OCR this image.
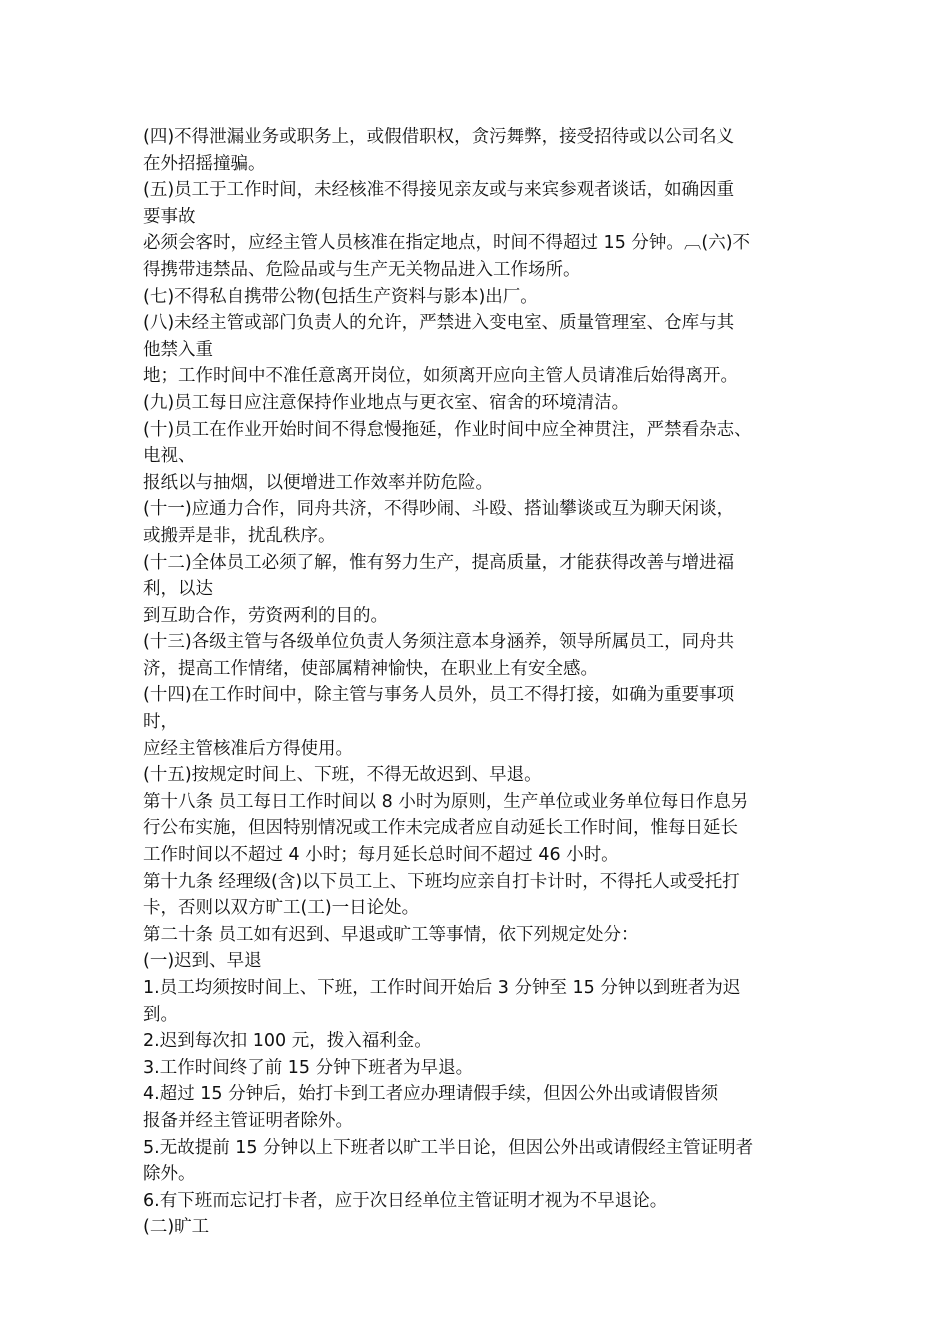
(四)不得泄漏业务或职务上，或假借职权，贪污舞弊，接受招待或以公司名义
在外招摇撞骗。
(五)员工于工作时间，未经核准不得接见亲友或与来宾参观者谈话，如确因重
要事故
必须会客时，应经主管人员核准在指定地点，时间不得超过 15 分钟。︹(六)不
得携带违禁品、危险品或与生产无关物品进入工作场所。
(七)不得私自携带公物(包括生产资料与影本)出厂。
(八)未经主管或部门负责人的允许，严禁进入变电室、质量管理室、仓库与其
他禁入重
地；工作时间中不准任意离开岗位，如须离开应向主管人员请准后始得离开。
(九)员工每日应注意保持作业地点与更衣室、宿舍的环境清洁。
(十)员工在作业开始时间不得怠慢拖延，作业时间中应全神贯注，严禁看杂志、
电视、
报纸以与抽烟，以便增进工作效率并防危险。
(十一)应通力合作，同舟共济，不得吵闹、斗殴、搭讪攀谈或互为聊天闲谈，
或搬弄是非，扰乱秩序。
(十二)全体员工必须了解，惟有努力生产，提高质量，才能获得改善与增进福
利，以达
到互助合作，劳资两利的目的。
(十三)各级主管与各级单位负责人务须注意本身涵养，领导所属员工，同舟共
济，提高工作情绪，使部属精神愉快，在职业上有安全感。
(十四)在工作时间中，除主管与事务人员外，员工不得打接，如确为重要事项
时，
应经主管核准后方得使用。
(十五)按规定时间上、下班，不得无故迟到、早退。
第十八条 员工每日工作时间以 8 小时为原则，生产单位或业务单位每日作息另
行公布实施，但因特别情况或工作未完成者应自动延长工作时间，惟每日延长
工作时间以不超过 4 小时；每月延长总时间不超过 46 小时。
第十九条 经理级(含)以下员工上、下班均应亲自打卡计时，不得托人或受托打
卡，否则以双方旷工(工)一日论处。
第二十条 员工如有迟到、早退或旷工等事情，依下列规定处分：
(一)迟到、早退
1.员工均须按时间上、下班，工作时间开始后 3 分钟至 15 分钟以到班者为迟
到。
2.迟到每次扣 100 元，拨入福利金。
3.工作时间终了前 15 分钟下班者为早退。
4.超过 15 分钟后，始打卡到工者应办理请假手续，但因公外出或请假皆须
报备并经主管证明者除外。
5.无故提前 15 分钟以上下班者以旷工半日论，但因公外出或请假经主管证明者
除外。
6.有下班而忘记打卡者，应于次日经单位主管证明才视为不早退论。
(二)旷工
